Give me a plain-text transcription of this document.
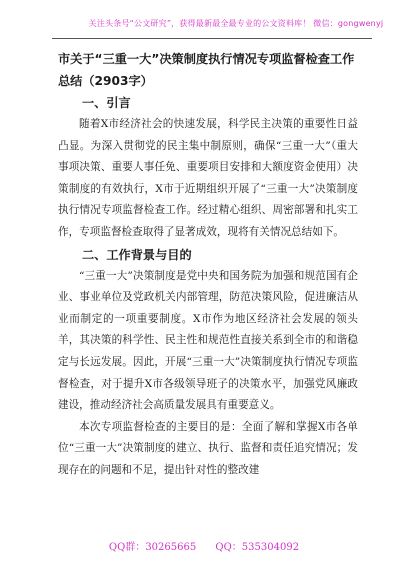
关注头条号“公文研究”，获得最新最全最专业的公文资料库！ 微信：gongwenyj

市关于“三重一大”决策制度执行情况专项监督检查工作总结（2903字）

一、引言

随着X市经济社会的快速发展，科学民主决策的重要性日益凸显。为深入贯彻党的民主集中制原则，确保“三重一大”（重大事项决策、重要人事任免、重要项目安排和大额度资金使用）决策制度的有效执行，X市于近期组织开展了“三重一大”决策制度执行情况专项监督检查工作。经过精心组织、周密部署和扎实工作，专项监督检查取得了显著成效，现将有关情况总结如下。

二、工作背景与目的

“三重一大”决策制度是党中央和国务院为加强和规范国有企业、事业单位及党政机关内部管理，防范决策风险，促进廉洁从业而制定的一项重要制度。X市作为地区经济社会发展的领头羊，其决策的科学性、民主性和规范性直接关系到全市的和谐稳定与长远发展。因此，开展“三重一大”决策制度执行情况专项监督检查，对于提升X市各级领导班子的决策水平，加强党风廉政建设，推动经济社会高质量发展具有重要意义。

本次专项监督检查的主要目的是：全面了解和掌握X市各单位“三重一大”决策制度的建立、执行、监督和责任追究情况；发现存在的问题和不足，提出针对性的整改建

QQ群：30265665 QQ：535304092
